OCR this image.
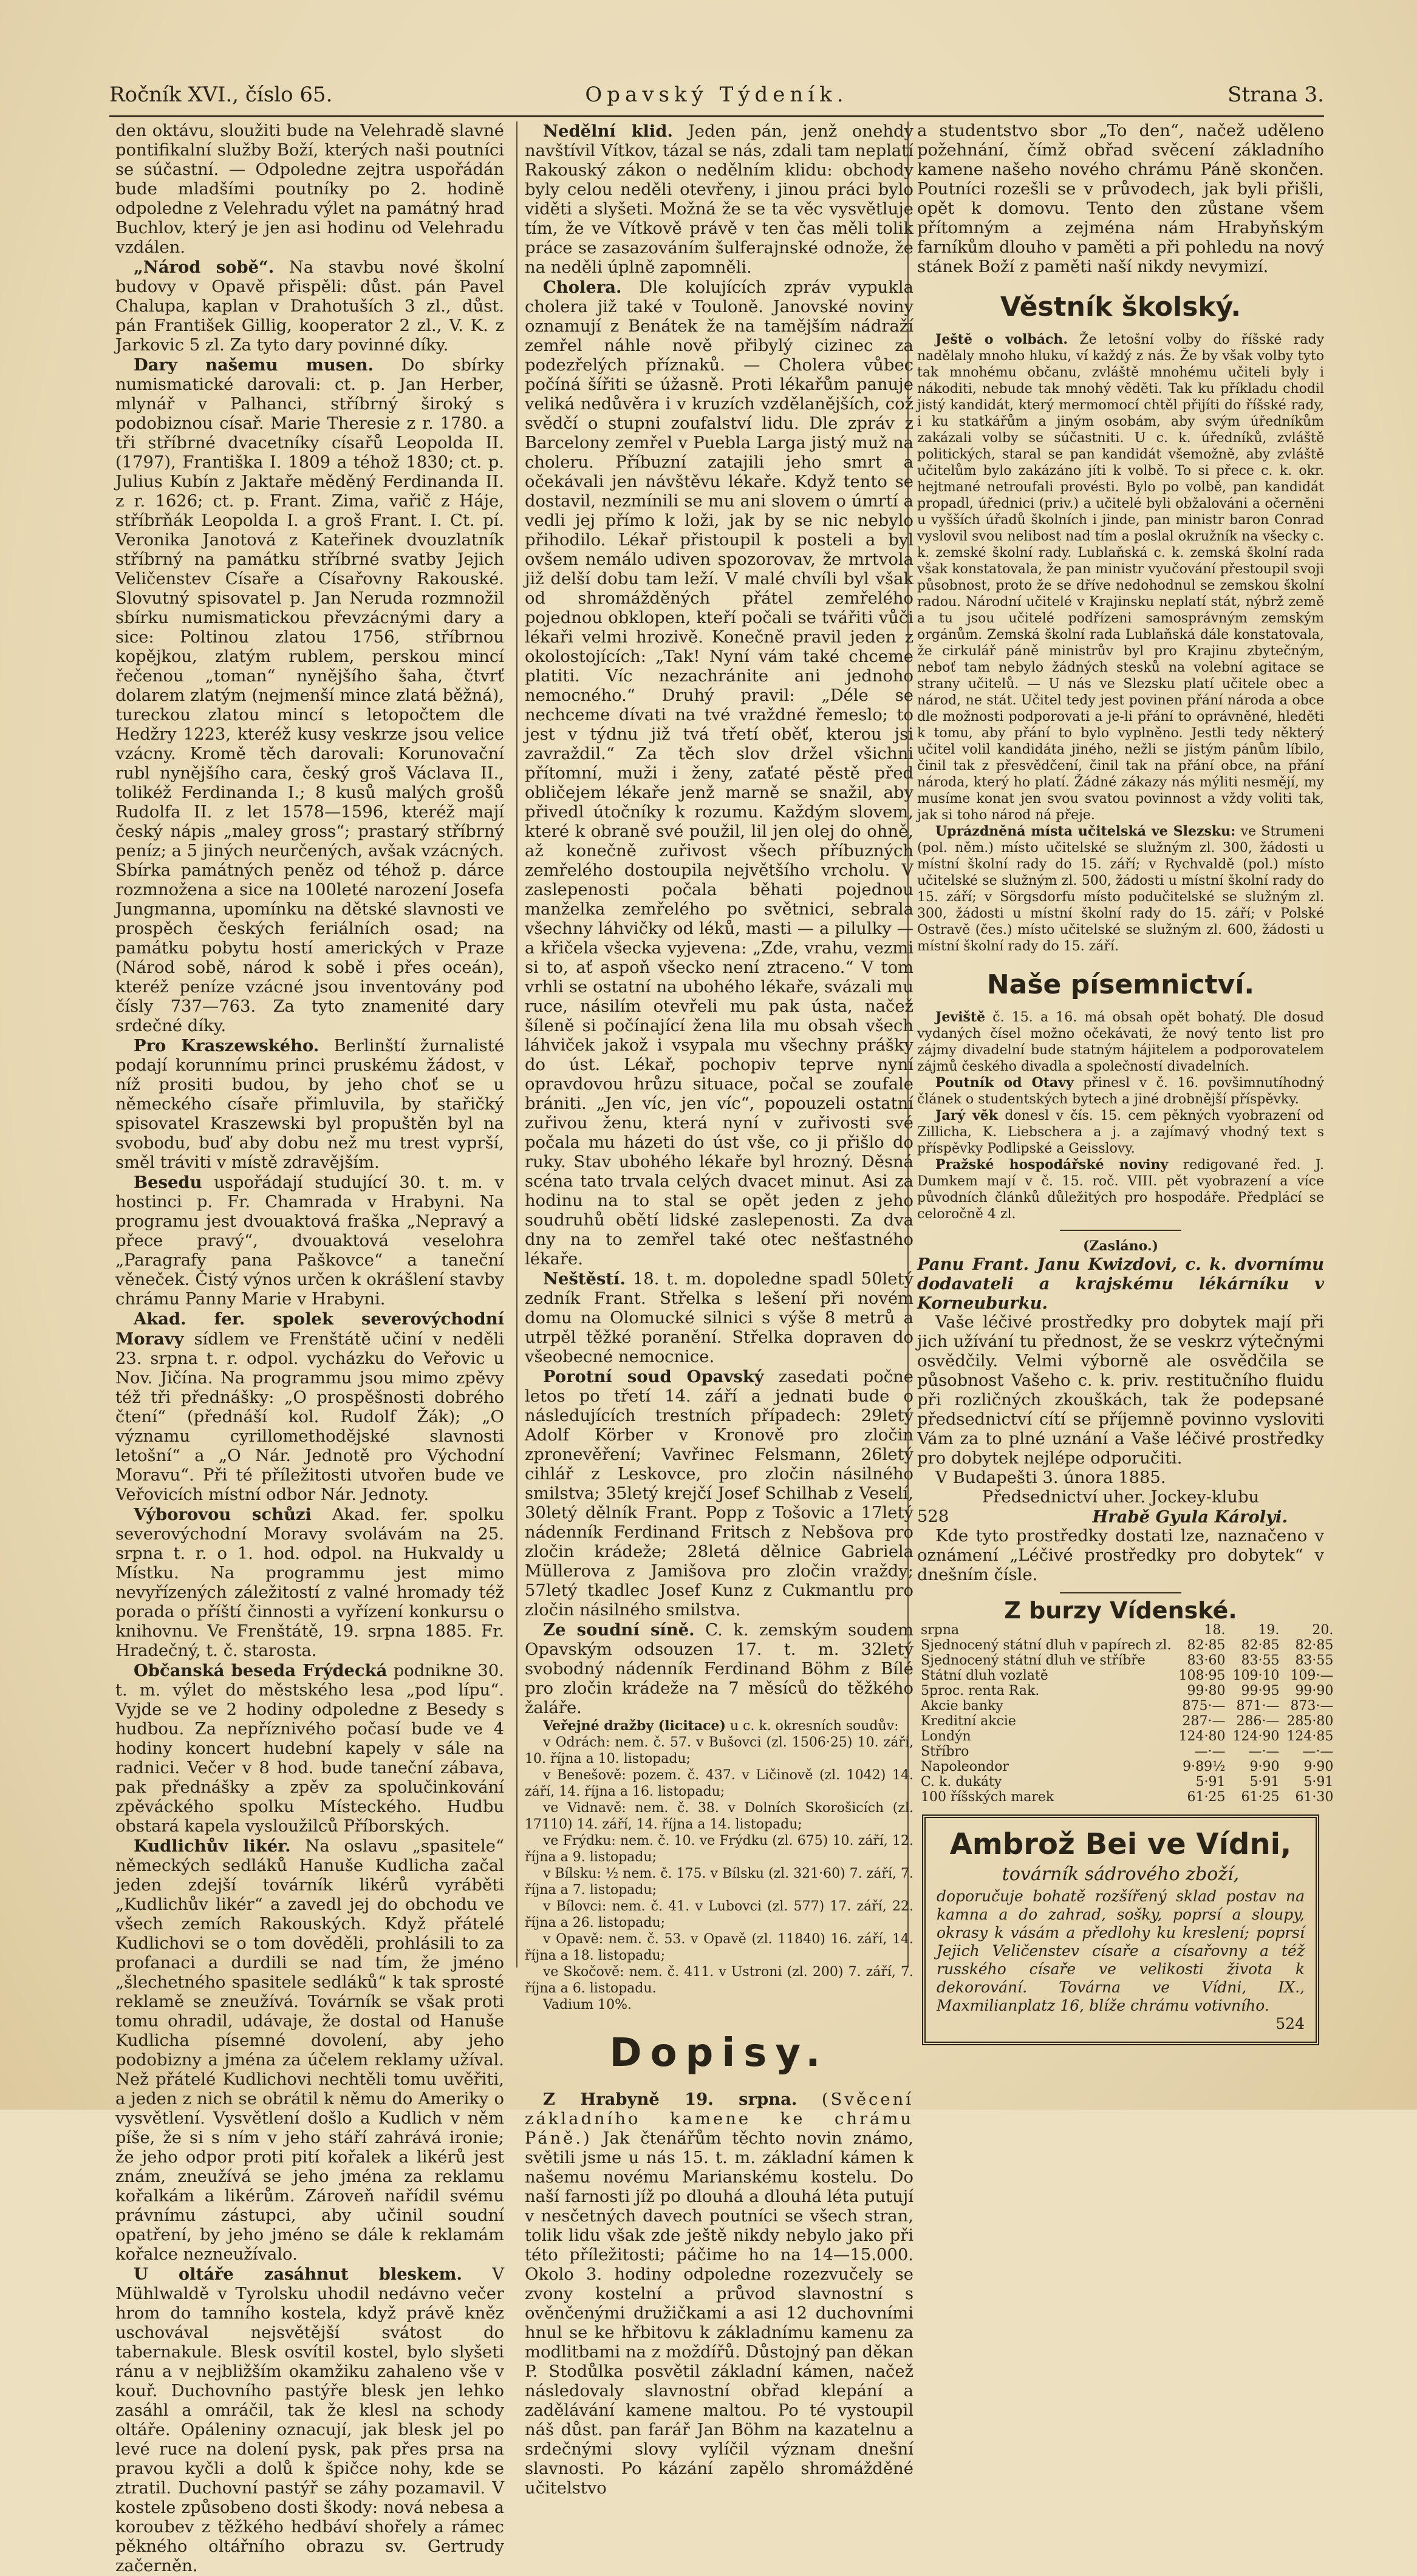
Ročník XVI., číslo 65.	Opavský Týdeník.	Strana 3.

den oktávu, sloužiti bude na Velehradě slavné pontifikalní služby Boží, kterých naši poutníci se súčastní. — Odpoledne zejtra uspořádán bude mladšími poutníky po 2. hodině odpoledne z Velehradu výlet na památný hrad Buchlov, který je jen asi hodinu od Velehradu vzdálen.

„Národ sobě“. Na stavbu nové školní budovy v Opavě přispěli: důst. pán Pavel Chalupa, kaplan v Drahotuších 3 zl., důst. pán František Gillig, kooperator 2 zl., V. K. z Jarkovic 5 zl. Za tyto dary povinné díky.

Dary našemu musen. Do sbírky numismatické darovali: ct. p. Jan Herber, mlynář v Palhanci, stříbrný široký s podobiznou císař. Marie Theresie z r. 1780. a tři stříbrné dvacetníky císařů Leopolda II. (1797), Františka I. 1809 a téhož 1830; ct. p. Julius Kubín z Jaktaře měděný Ferdinanda II. z r. 1626; ct. p. Frant. Zima, vařič z Háje, stříbrňák Leopolda I. a groš Frant. I. Ct. pí. Veronika Janotová z Kateřinek dvouzlatník stříbrný na památku stříbrné svatby Jejich Veličenstev Císaře a Císařovny Rakouské. Slovutný spisovatel p. Jan Neruda rozmnožil sbírku numismatickou převzácnými dary a sice: Poltinou zlatou 1756, stříbrnou kopějkou, zlatým rublem, perskou mincí řečenou „toman“ nynějšího šaha, čtvrť dolarem zlatým (nejmenší mince zlatá běžná), tureckou zlatou mincí s letopočtem dle Hedžry 1223, kteréž kusy veskrze jsou velice vzácny. Kromě těch darovali: Korunovační rubl nynějšího cara, český groš Václava II., tolikéž Ferdinanda I.; 8 kusů malých grošů Rudolfa II. z let 1578—1596, kteréž mají český nápis „maley gross“; prastarý stříbrný peníz; a 5 jiných neurčených, avšak vzácných. Sbírka památných peněz od téhož p. dárce rozmnožena a sice na 100leté narození Josefa Jungmanna, upomínku na dětské slavnosti ve prospěch českých feriálních osad; na památku pobytu hostí amerických v Praze (Národ sobě, národ k sobě i přes oceán), kteréž peníze vzácné jsou inventovány pod čísly 737—763. Za tyto znamenité dary srdečné díky.

Pro Kraszewského. Berlinští žurnalisté podají korunnímu princi pruskému žádost, v níž prositi budou, by jeho choť se u německého císaře přimluvila, by stařičký spisovatel Kraszewski byl propuštěn byl na svobodu, buď aby dobu než mu trest vyprší, směl tráviti v místě zdravějším.

Besedu uspořádají studující 30. t. m. v hostinci p. Fr. Chamrada v Hrabyni. Na programu jest dvouaktová fraška „Nepravý a přece pravý“, dvouaktová veselohra „Paragrafy pana Paškovce“ a taneční věneček. Čistý výnos určen k okrášlení stavby chrámu Panny Marie v Hrabyni.

Akad. fer. spolek severovýchodní Moravy sídlem ve Frenštátě učiní v neděli 23. srpna t. r. odpol. vycházku do Veřovic u Nov. Jičína. Na programmu jsou mimo zpěvy též tři přednášky: „O prospěšnosti dobrého čtení“ (přednáší kol. Rudolf Žák); „O významu cyrillomethodějské slavnosti letošní“ a „O Nár. Jednotě pro Východní Moravu“. Při té příležitosti utvořen bude ve Veřovicích místní odbor Nár. Jednoty.

Výborovou schůzi Akad. fer. spolku severovýchodní Moravy svolávám na 25. srpna t. r. o 1. hod. odpol. na Hukvaldy u Místku. Na programmu jest mimo nevyřízených záležitostí z valné hromady též porada o příští činnosti a vyřízení konkursu o knihovnu. Ve Frenštátě, 19. srpna 1885. Fr. Hradečný, t. č. starosta.

Občanská beseda Frýdecká podnikne 30. t. m. výlet do městského lesa „pod lípu“. Vyjde se ve 2 hodiny odpoledne z Besedy s hudbou. Za nepříznivého počasí bude ve 4 hodiny koncert hudební kapely v sále na radnici. Večer v 8 hod. bude taneční zábava, pak přednášky a zpěv za spolučinkování zpěváckého spolku Místeckého. Hudbu obstará kapela vysloužilců Příborských.

Kudlichův likér. Na oslavu „spasitele“ německých sedláků Hanuše Kudlicha začal jeden zdejší továrník likérů vyráběti „Kudlichův likér“ a zavedl jej do obchodu ve všech zemích Rakouských. Když přátelé Kudlichovi se o tom dověděli, prohlásili to za profanaci a durdili se nad tím, že jméno „šlechetného spasitele sedláků“ k tak sprosté reklamě se zneužívá. Továrník se však proti tomu ohradil, udávaje, že dostal od Hanuše Kudlicha písemné dovolení, aby jeho podobizny a jména za účelem reklamy užíval. Než přátelé Kudlichovi nechtěli tomu uvěřiti, a jeden z nich se obrátil k němu do Ameriky o vysvětlení. Vysvětlení došlo a Kudlich v něm píše, že si s ním v jeho stáří zahrává ironie; že jeho odpor proti pití kořalek a likérů jest znám, zneužívá se jeho jména za reklamu kořalkám a likérům. Zároveň nařídil svému právnímu zástupci, aby učinil soudní opatření, by jeho jméno se dále k reklamám kořalce nezneužívalo.

U oltáře zasáhnut bleskem. V Mühlwaldě v Tyrolsku uhodil nedávno večer hrom do tamního kostela, když právě kněz uschovával nejsvětější svátost do tabernakule. Blesk osvítil kostel, bylo slyšeti ránu a v nejbližším okamžiku zahaleno vše v kouř. Duchovního pastýře blesk jen lehko zasáhl a omráčil, tak že klesl na schody oltáře. Opáleniny oznacují, jak blesk jel po levé ruce na dolení pysk, pak přes prsa na pravou kyčli a dolů k špičce nohy, kde se ztratil. Duchovní pastýř se záhy pozamavil. V kostele způsobeno dosti škody: nová nebesa a koroubev z těžkého hedbáví shořely a rámec pěkného oltářního obrazu sv. Gertrudy začerněn.

Nedělní klid. Jeden pán, jenž onehdy navštívil Vítkov, tázal se nás, zdali tam neplatí Rakouský zákon o nedělním klidu: obchody byly celou neděli otevřeny, i jinou práci bylo viděti a slyšeti. Možná že se ta věc vysvětluje tím, že ve Vítkově právě v ten čas měli tolik práce se zasazováním šulferajnské odnože, že na neděli úplně zapomněli.

Cholera. Dle kolujících zpráv vypukla cholera již také v Touloně. Janovské noviny oznamují z Benátek že na tamějším nádraží zemřel náhle nově přibylý cizinec za podezřelých příznaků. — Cholera vůbec počíná šířiti se úžasně. Proti lékařům panuje veliká nedůvěra i v kruzích vzdělanějších, což svědčí o stupni zoufalství lidu. Dle zpráv z Barcelony zemřel v Puebla Larga jistý muž na choleru. Příbuzní zatajili jeho smrt a očekávali jen návštěvu lékaře. Když tento se dostavil, nezmínili se mu ani slovem o úmrtí a vedli jej přímo k loži, jak by se nic nebylo přihodilo. Lékař přistoupil k posteli a byl ovšem nemálo udiven spozorovav, že mrtvola již delší dobu tam leží. V malé chvíli byl však od shromážděných přátel zemřelého pojednou obklopen, kteří počali se tvářiti vůči lékaři velmi hrozivě. Konečně pravil jeden z okolostojících: „Tak! Nyní vám také chceme platiti. Víc nezachránite ani jednoho nemocného.“ Druhý pravil: „Déle se nechceme dívati na tvé vraždné řemeslo; to jest v týdnu již tvá třetí oběť, kterou jsi zavraždil.“ Za těch slov držel všichni přítomní, muži i ženy, zaťaté pěstě před obličejem lékaře jenž marně se snažil, aby přivedl útočníky k rozumu. Každým slovem, které k obraně své použil, lil jen olej do ohně, až konečně zuřivost všech příbuzných zemřelého dostoupila největšího vrcholu. V zaslepenosti počala běhati pojednou manželka zemřelého po světnici, sebrala všechny láhvičky od léků, masti — a pilulky — a křičela všecka vyjevena: „Zde, vrahu, vezmi si to, ať aspoň všecko není ztraceno.“ V tom vrhli se ostatní na ubohého lékaře, svázali mu ruce, násilím otevřeli mu pak ústa, načež šíleně si počínající žena lila mu obsah všech láhviček jakož i vsypala mu všechny prášky do úst. Lékař, pochopiv teprve nyní opravdovou hrůzu situace, počal se zoufale brániti. „Jen víc, jen víc“, popouzeli ostatní zuřivou ženu, která nyní v zuřivosti své počala mu házeti do úst vše, co ji přišlo do ruky. Stav ubohého lékaře byl hrozný. Děsná scéna tato trvala celých dvacet minut. Asi za hodinu na to stal se opět jeden z jeho soudruhů obětí lidské zaslepenosti. Za dva dny na to zemřel také otec nešťastného lékaře.

Neštěstí. 18. t. m. dopoledne spadl 50letý zedník Frant. Střelka s lešení při novém domu na Olomucké silnici s výše 8 metrů a utrpěl těžké poranění. Střelka dopraven do všeobecné nemocnice.

Porotní soud Opavský zasedati počne letos po třetí 14. září a jednati bude o následujících trestních případech: 29letý Adolf Körber v Kronově pro zločin zpronevěření; Vavřinec Felsmann, 26letý cihlář z Leskovce, pro zločin násilného smilstva; 35letý krejčí Josef Schilhab z Veselí, 30letý dělník Frant. Popp z Tošovic a 17letý nádenník Ferdinand Fritsch z Nebšova pro zločin krádeže; 28letá dělnice Gabriela Müllerova z Jamišova pro zločin vraždy; 57letý tkadlec Josef Kunz z Cukmantlu pro zločin násilného smilstva.

Ze soudní síně. C. k. zemským soudem Opavským odsouzen 17. t. m. 32letý svobodný nádenník Ferdinand Böhm z Bílé pro zločin krádeže na 7 měsíců do těžkého žaláře.

Veřejné dražby (licitace) u c. k. okresních soudův:

v Odrách: nem. č. 57. v Bušovci (zl. 1506·25) 10. září, 10. října a 10. listopadu;

v Benešově: pozem. č. 437. v Ličinově (zl. 1042) 14. září, 14. října a 16. listopadu;

ve Vidnavě: nem. č. 38. v Dolních Skorošicích (zl. 17110) 14. září, 14. října a 14. listopadu;

ve Frýdku: nem. č. 10. ve Frýdku (zl. 675) 10. září, 12. října a 9. listopadu;

v Bílsku: ½ nem. č. 175. v Bílsku (zl. 321·60) 7. září, 7. října a 7. listopadu;

v Bílovci: nem. č. 41. v Lubovci (zl. 577) 17. září, 22. října a 26. listopadu;

v Opavě: nem. č. 53. v Opavě (zl. 11840) 16. září, 14. října a 18. listopadu;

ve Skočově: nem. č. 411. v Ustroni (zl. 200) 7. září, 7. října a 6. listopadu.

Vadium 10%.

Dopisy.

Z Hrabyně 19. srpna. (Svěcení základního kamene ke chrámu Páně.) Jak čtenářům těchto novin známo, světili jsme u nás 15. t. m. základní kámen k našemu novému Marianskému kostelu. Do naší farnosti jíž po dlouhá a dlouhá léta putují v nesčetných davech poutníci se všech stran, tolik lidu však zde ještě nikdy nebylo jako při této příležitosti; páčime ho na 14—15.000. Okolo 3. hodiny odpoledne rozezvučely se zvony kostelní a průvod slavnostní s ověnčenými družičkami a asi 12 duchovními hnul se ke hřbitovu k základnímu kamenu za modlitbami na z moždířů. Důstojný pan děkan P. Stodůlka posvětil základní kámen, načež následovaly slavnostní obřad klepání a zadělávání kamene maltou. Po té vystoupil náš důst. pan farář Jan Böhm na kazatelnu a srdečnými slovy vylíčil význam dnešní slavnosti. Po kázání zapělo shromážděné učitelstvo

a studentstvo sbor „To den“, načež uděleno požehnání, čímž obřad svěcení základního kamene našeho nového chrámu Páně skončen. Poutníci rozešli se v průvodech, jak byli přišli, opět k domovu. Tento den zůstane všem přítomným a zejména nám Hrabyňským farníkům dlouho v paměti a při pohledu na nový stánek Boží z paměti naší nikdy nevymizí.

Věstník školský.

Ještě o volbách. Že letošní volby do říšské rady nadělaly mnoho hluku, ví každý z nás. Že by však volby tyto tak mnohému občanu, zvláště mnohému učiteli byly i nákoditi, nebude tak mnohý věděti. Tak ku příkladu chodil jistý kandidát, který mermomocí chtěl přijíti do říšské rady, i ku statkářům a jiným osobám, aby svým úředníkům zakázali volby se súčastniti. U c. k. úředníků, zvláště politických, staral se pan kandidát všemožně, aby zvláště učitelům bylo zakázáno jíti k volbě. To si přece c. k. okr. hejtmané netroufali provésti. Bylo po volbě, pan kandidát propadl, úřednici (priv.) a učitelé byli obžalováni a očerněni u vyšších úřadů školních i jinde, pan ministr baron Conrad vyslovil svou nelibost nad tím a poslal okružník na všecky c. k. zemské školní rady. Lublaňská c. k. zemská školní rada však konstatovala, že pan ministr vyučování přestoupil svoji působnost, proto že se dříve nedohodnul se zemskou školní radou. Národní učitelé v Krajinsku neplatí stát, nýbrž země a tu jsou učitelé podřízeni samosprávným zemským orgánům. Zemská školní rada Lublaňská dále konstatovala, že cirkulář páně ministrův byl pro Krajinu zbytečným, neboť tam nebylo žádných stesků na volební agitace se strany učitelů. — U nás ve Slezsku platí učitele obec a národ, ne stát. Učitel tedy jest povinen přání národa a obce dle možnosti podporovati a je-li přání to oprávněné, hleděti k tomu, aby přání to bylo vyplněno. Jestli tedy některý učitel volil kandidáta jiného, nežli se jistým pánům líbilo, činil tak z přesvědčení, činil tak na přání obce, na přání národa, který ho platí. Žádné zákazy nás mýliti nesmějí, my musíme konat jen svou svatou povinnost a vždy voliti tak, jak si toho národ ná přeje.

Uprázdněná místa učitelská ve Slezsku: ve Strumeni (pol. něm.) místo učitelské se služným zl. 300, žádosti u místní školní rady do 15. září; v Rychvaldě (pol.) místo učitelské se služným zl. 500, žádosti u místní školní rady do 15. září; v Sörgsdorfu místo podučitelské se služným zl. 300, žádosti u místní školní rady do 15. září; v Polské Ostravě (čes.) místo učitelské se služným zl. 600, žádosti u místní školní rady do 15. září.

Naše písemnictví.

Jeviště č. 15. a 16. má obsah opět bohatý. Dle dosud vydaných čísel možno očekávati, že nový tento list pro zájmy divadelní bude statným hájitelem a podporovatelem zájmů českého divadla a společností divadelních.

Poutník od Otavy přinesl v č. 16. povšimnutíhodný článek o studentských bytech a jiné drobnější příspěvky.

Jarý věk donesl v čís. 15. cem pěkných vyobrazení od Zillicha, K. Liebschera a j. a zajímavý vhodný text s příspěvky Podlipské a Geisslovy.

Pražské hospodářské noviny redigované řed. J. Dumkem mají v č. 15. roč. VIII. pět vyobrazení a více původních článků důležitých pro hospodáře. Předplácí se celoročně 4 zl.

(Zasláno.)

Panu Frant. Janu Kwizdovi, c. k. dvornímu dodavateli a krajskému lékárníku v Korneuburku.

Vaše léčivé prostředky pro dobytek mají při jich užívání tu přednost, že se veskrz výtečnými osvědčily. Velmi výborně ale osvědčila se působnost Vašeho c. k. priv. restitučního fluidu při rozličných zkouškách, tak že podepsané předsednictví cítí se příjemně povinno vysloviti Vám za to plné uznání a Vaše léčivé prostředky pro dobytek nejlépe odporučiti.

V Budapešti 3. února 1885.

Předsednictví uher. Jockey-klubu

528	Hrabě Gyula Károlyi.

Kde tyto prostředky dostati lze, naznačeno v oznámení „Léčivé prostředky pro dobytek“ v dnešním čísle.

Z burzy Vídenské.
srpna	18.	19.	20.
Sjednocený státní dluh v papírech zl.	82·85	82·85	82·85
Sjednocený státní dluh ve stříbře	83·60	83·55	83·55
Státní dluh vozlatě	108·95	109·10	109·—
5proc. renta Rak.	99·80	99·95	99·90
Akcie banky	875·—	871·—	873·—
Kreditní akcie	287·—	286·—	285·80
Londýn	124·80	124·90	124·85
Stříbro	—·—	—·—	—·—
Napoleondor	9·89½	9·90	9·90
C. k. dukáty	5·91	5·91	5·91
100 říšských marek	61·25	61·25	61·30
Ambrož Bei ve Vídni,
továrník sádrového zboží,
doporučuje bohatě rozšířený sklad postav na kamna a do zahrad, sošky, poprsí a sloupy, okrasy k vásám a předlohy ku kreslení; poprsí Jejich Veličenstev císaře a císařovny a též rusského císaře ve velikosti života k dekorování. Továrna ve Vídni, IX., Maxmilianplatz 16, blíže chrámu votivního.
524
